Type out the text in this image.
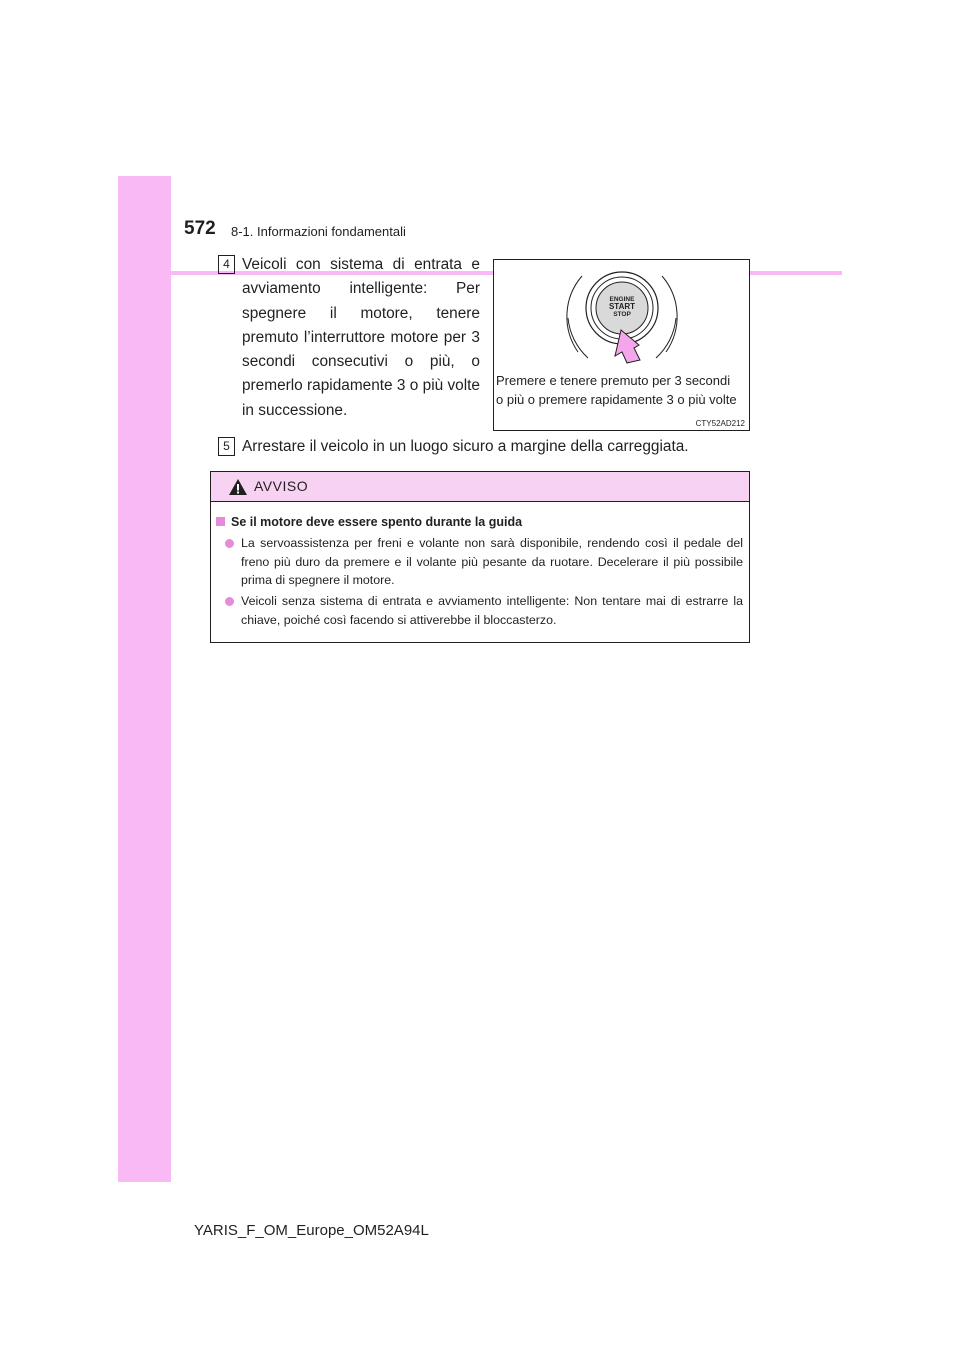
572 8-1. Informazioni fondamentali
4 Veicoli con sistema di entrata e avviamento intelligente: Per spegnere il motore, tenere premuto l’interruttore motore per 3 secondi consecutivi o più, o premerlo rapidamente 3 o più volte in successione.
ENGINE
START
STOP
Premere e tenere premuto per 3 secondi
o più o premere rapidamente 3 o più volte
CTY52AD212
5 Arrestare il veicolo in un luogo sicuro a margine della carreggiata.
AVVISO
Se il motore deve essere spento durante la guida
La servoassistenza per freni e volante non sarà disponibile, rendendo così il pedale del freno più duro da premere e il volante più pesante da ruotare. Decelerare il più possibile prima di spegnere il motore.
Veicoli senza sistema di entrata e avviamento intelligente: Non tentare mai di estrarre la chiave, poiché così facendo si attiverebbe il bloccasterzo.
YARIS_F_OM_Europe_OM52A94L
